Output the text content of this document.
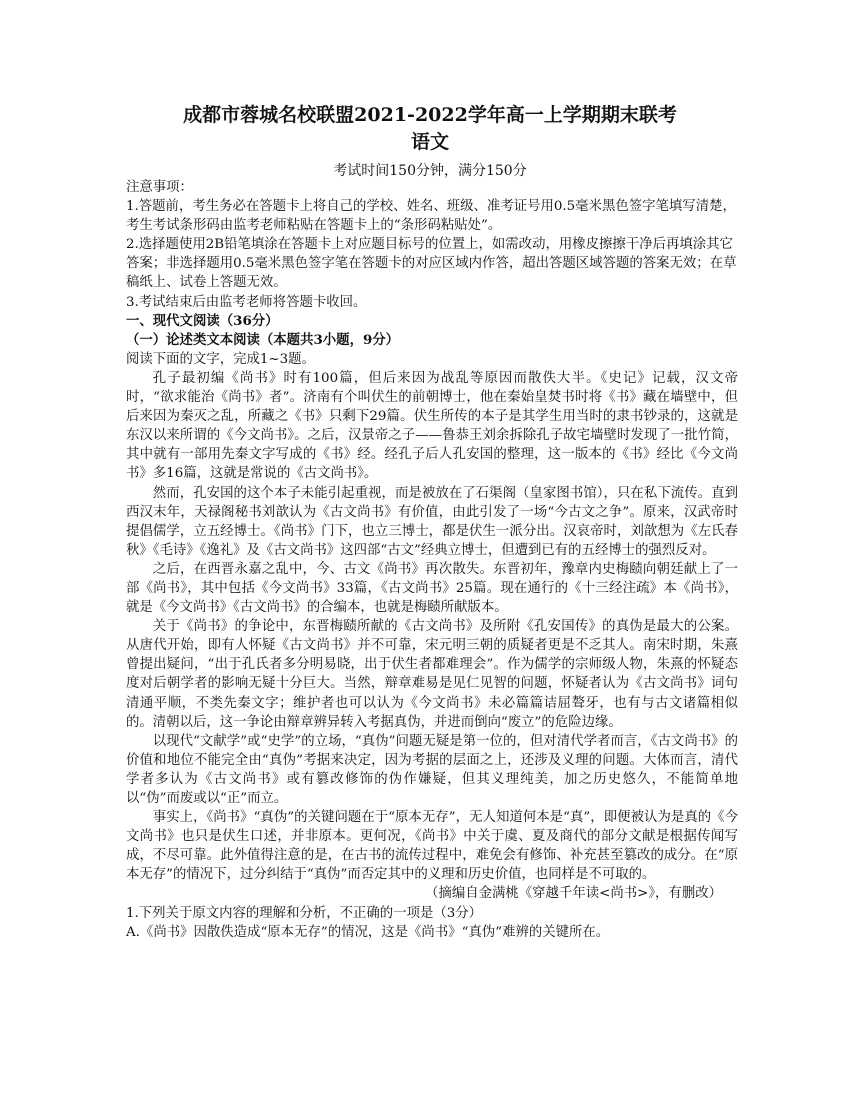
成都市蓉城名校联盟2021-2022学年高一上学期期末联考
语文
考试时间150分钟，满分150分

注意事项：

1.答题前，考生务必在答题卡上将自己的学校、姓名、班级、准考证号用0.5毫米黑色签字笔填写清楚，考生考试条形码由监考老师粘贴在答题卡上的“条形码粘贴处”。

2.选择题使用2B铅笔填涂在答题卡上对应题目标号的位置上，如需改动，用橡皮擦擦干净后再填涂其它答案；非选择题用0.5毫米黑色签字笔在答题卡的对应区域内作答，超出答题区域答题的答案无效；在草稿纸上、试卷上答题无效。

3.考试结束后由监考老师将答题卡收回。

一、现代文阅读（36分）

（一）论述类文本阅读（本题共3小题，9分）

阅读下面的文字，完成1~3题。

孔子最初编《尚书》时有100篇，但后来因为战乱等原因而散佚大半。《史记》记载，汉文帝时，“欲求能治《尚书》者”。济南有个叫伏生的前朝博士，他在秦始皇焚书时将《书》藏在墙壁中，但后来因为秦灭之乱，所藏之《书》只剩下29篇。伏生所传的本子是其学生用当时的隶书钞录的，这就是东汉以来所谓的《今文尚书》。之后，汉景帝之子——鲁恭王刘余拆除孔子故宅墙壁时发现了一批竹简，其中就有一部用先秦文字写成的《书》经。经孔子后人孔安国的整理，这一版本的《书》经比《今文尚书》多16篇，这就是常说的《古文尚书》。

然而，孔安国的这个本子未能引起重视，而是被放在了石渠阁（皇家图书馆），只在私下流传。直到西汉末年，天禄阁秘书刘歆认为《古文尚书》有价值，由此引发了一场“今古文之争”。原来，汉武帝时提倡儒学，立五经博士。《尚书》门下，也立三博士，都是伏生一派分出。汉哀帝时，刘歆想为《左氏春秋》《毛诗》《逸礼》及《古文尚书》这四部“古文”经典立博士，但遭到已有的五经博士的强烈反对。

之后，在西晋永嘉之乱中，今、古文《尚书》再次散失。东晋初年，豫章内史梅赜向朝廷献上了一部《尚书》，其中包括《今文尚书》33篇，《古文尚书》25篇。现在通行的《十三经注疏》本《尚书》，就是《今文尚书》《古文尚书》的合编本，也就是梅赜所献版本。

关于《尚书》的争论中，东晋梅赜所献的《古文尚书》及所附《孔安国传》的真伪是最大的公案。从唐代开始，即有人怀疑《古文尚书》并不可靠，宋元明三朝的质疑者更是不乏其人。南宋时期，朱熹曾提出疑问，“出于孔氏者多分明易晓，出于伏生者都难理会”。作为儒学的宗师级人物，朱熹的怀疑态度对后朝学者的影响无疑十分巨大。当然，辩章难易是见仁见智的问题，怀疑者认为《古文尚书》词句清通平顺，不类先秦文字；维护者也可以认为《今文尚书》未必篇篇诘屈聱牙，也有与古文诸篇相似的。清朝以后，这一争论由辩章辨异转入考据真伪，并进而倒向“废立”的危险边缘。

以现代“文献学”或“史学”的立场，“真伪”问题无疑是第一位的，但对清代学者而言，《古文尚书》的价值和地位不能完全由“真伪”考据来决定，因为考据的层面之上，还涉及义理的问题。大体而言，清代学者多认为《古文尚书》或有篡改修饰的伪作嫌疑，但其义理纯美，加之历史悠久，不能简单地以“伪”而废或以“正”而立。

事实上，《尚书》“真伪”的关键问题在于“原本无存”，无人知道何本是“真”，即便被认为是真的《今文尚书》也只是伏生口述，并非原本。更何况，《尚书》中关于虞、夏及商代的部分文献是根据传闻写成，不尽可靠。此外值得注意的是，在古书的流传过程中，难免会有修饰、补充甚至篡改的成分。在“原本无存”的情况下，过分纠结于“真伪”而否定其中的义理和历史价值，也同样是不可取的。

（摘编自金满桃《穿越千年读<尚书>》，有删改）

1.下列关于原文内容的理解和分析，不正确的一项是（3分）

A.《尚书》因散佚造成“原本无存”的情况，这是《尚书》“真伪”难辨的关键所在。
